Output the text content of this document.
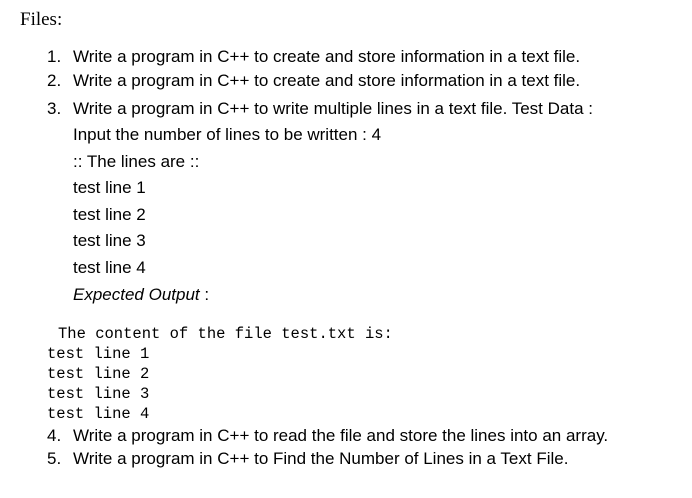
Files:
1. Write a program in C++ to create and store information in a text file.
2. Write a program in C++ to create and store information in a text file.
3. Write a program in C++ to write multiple lines in a text file. Test Data :
Input the number of lines to be written : 4
:: The lines are ::
test line 1
test line 2
test line 3
test line 4
Expected Output :
The content of the file test.txt is:
test line 1
test line 2
test line 3
test line 4
4. Write a program in C++ to read the file and store the lines into an array.
5. Write a program in C++ to Find the Number of Lines in a Text File.
